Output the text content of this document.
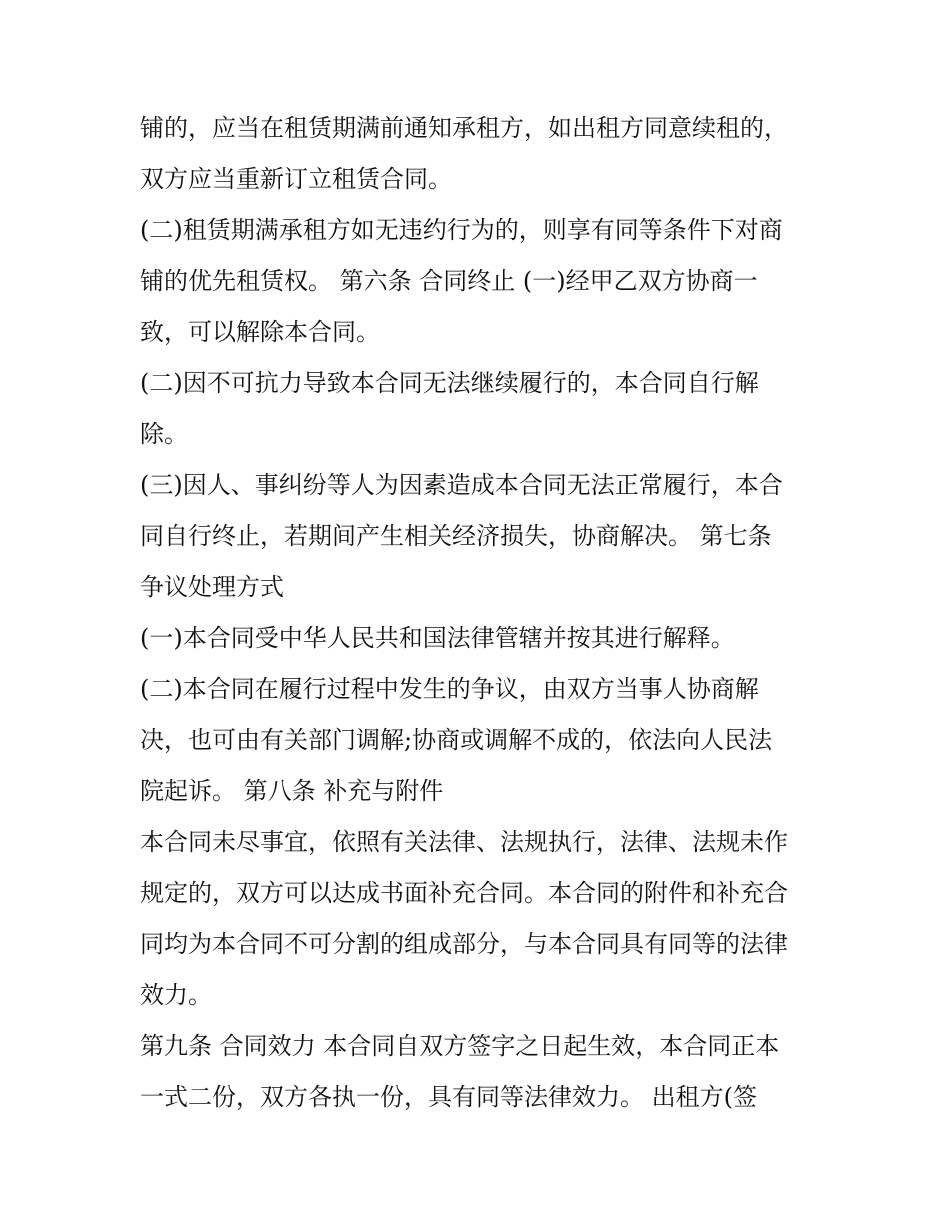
铺的，应当在租赁期满前通知承租方，如出租方同意续租的，

双方应当重新订立租赁合同。

(二)租赁期满承租方如无违约行为的，则享有同等条件下对商

铺的优先租赁权。 第六条 合同终止 (一)经甲乙双方协商一

致，可以解除本合同。

(二)因不可抗力导致本合同无法继续履行的，本合同自行解

除。

(三)因人、事纠纷等人为因素造成本合同无法正常履行，本合

同自行终止，若期间产生相关经济损失，协商解决。 第七条

争议处理方式

(一)本合同受中华人民共和国法律管辖并按其进行解释。

(二)本合同在履行过程中发生的争议，由双方当事人协商解

决，也可由有关部门调解;协商或调解不成的，依法向人民法

院起诉。 第八条 补充与附件

本合同未尽事宜，依照有关法律、法规执行，法律、法规未作

规定的，双方可以达成书面补充合同。本合同的附件和补充合

同均为本合同不可分割的组成部分，与本合同具有同等的法律

效力。

第九条 合同效力 本合同自双方签字之日起生效，本合同正本

一式二份，双方各执一份，具有同等法律效力。 出租方(签
